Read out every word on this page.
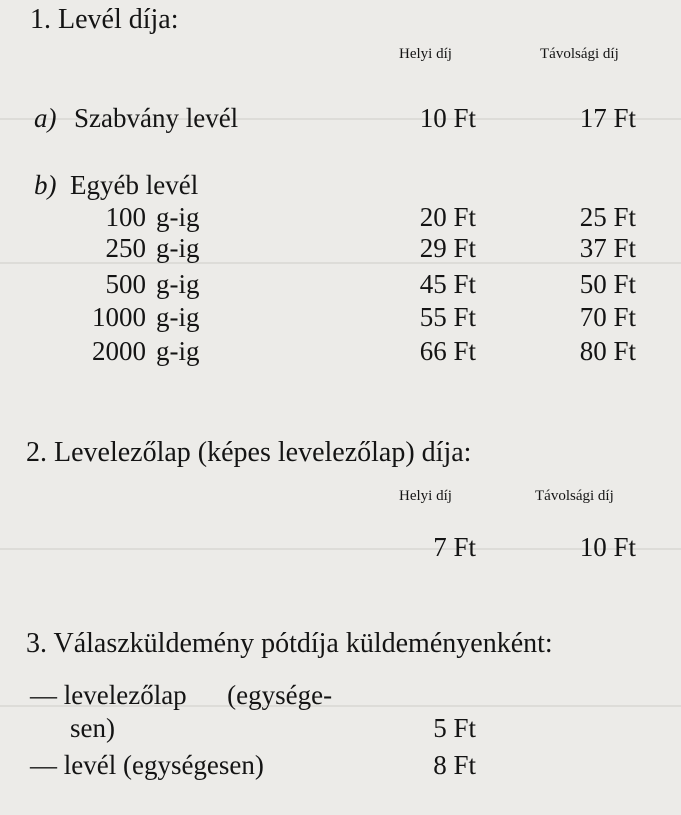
1. Levél díja:
Helyi díj	Távolsági díj
a) Szabvány levél	10 Ft	17 Ft
b) Egyéb levél
100 g-ig	20 Ft	25 Ft
250 g-ig	29 Ft	37 Ft
500 g-ig	45 Ft	50 Ft
1000 g-ig	55 Ft	70 Ft
2000 g-ig	66 Ft	80 Ft
2. Levelezőlap (képes levelezőlap) díja:
Helyi díj	Távolsági díj
7 Ft	10 Ft
3. Válaszküldemény pótdíja küldeményenként:
— levelezőlap      (egysége-
sen)	5 Ft
— levél (egységesen)	8 Ft
